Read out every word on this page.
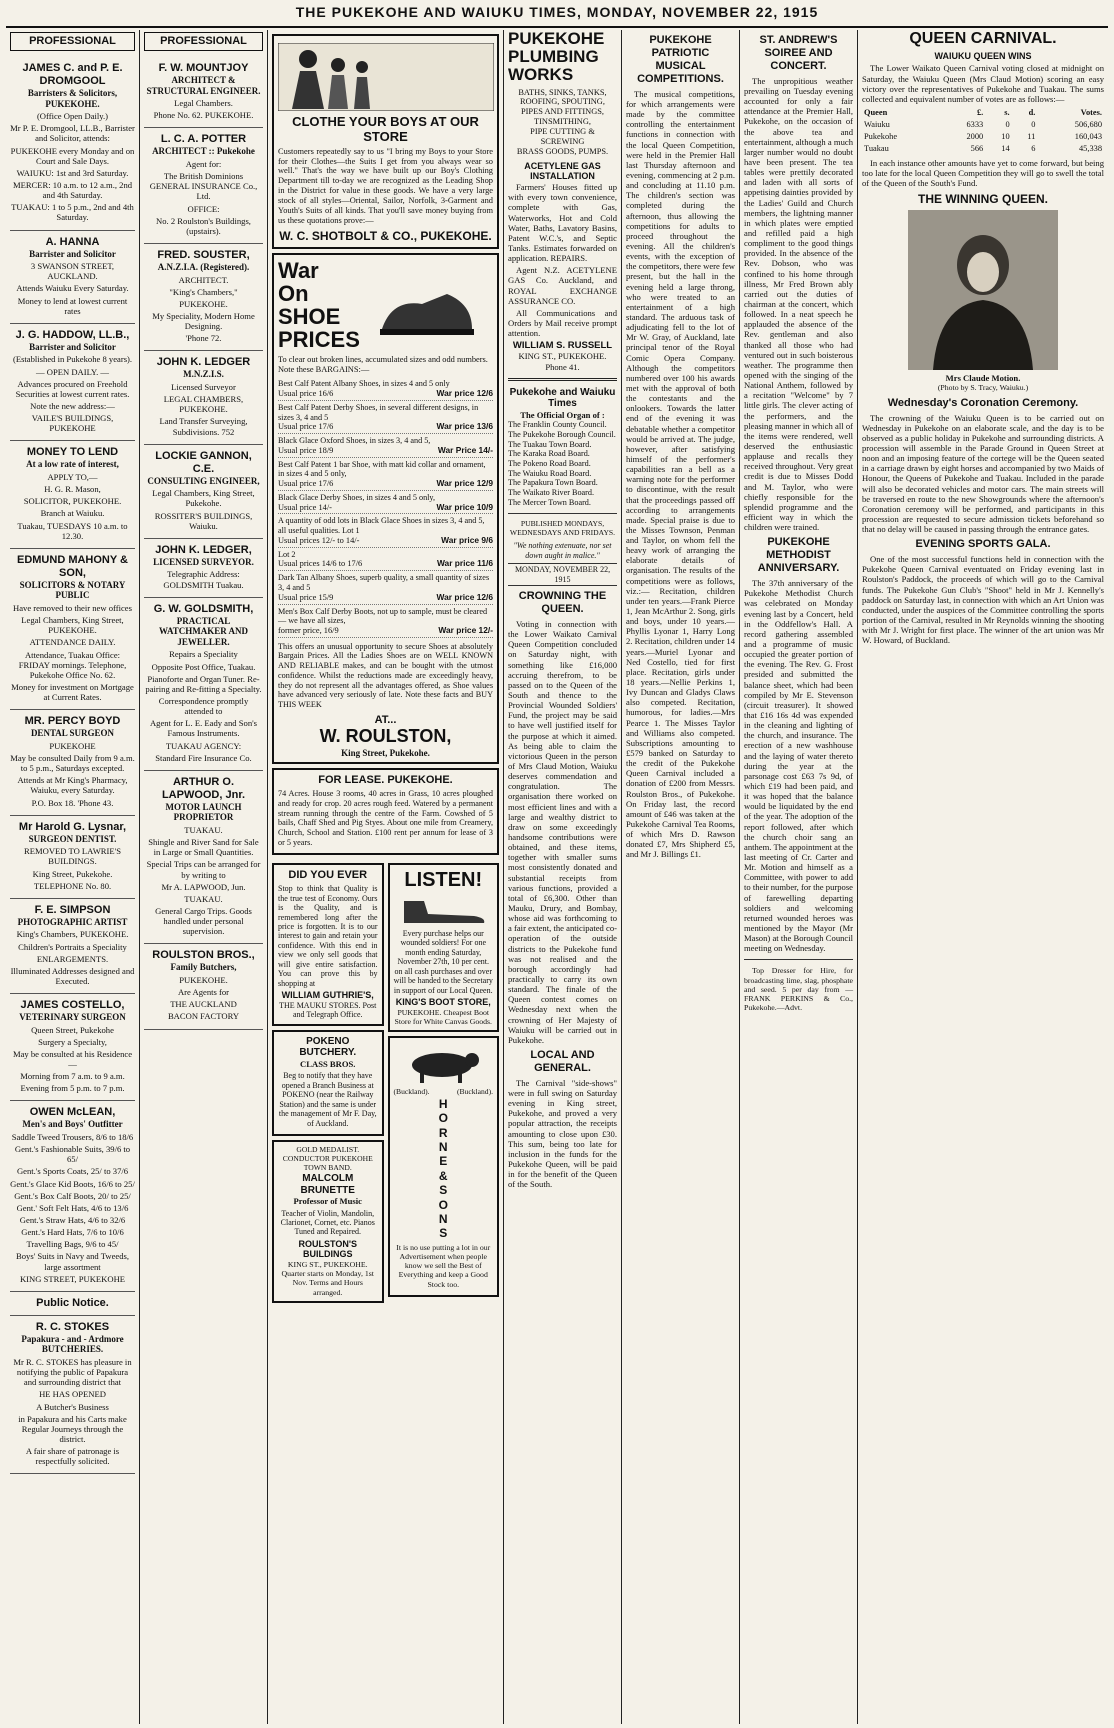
THE PUKEKOHE AND WAIUKU TIMES, MONDAY, NOVEMBER 22, 1915
PROFESSIONAL
JAMES C. and P. E. DROMGOOL
Barristers & Solicitors, PUKEKOHE.

(Office Open Daily.)

Mr P. E. Dromgool, LL.B., Barrister and Solicitor, attends:

PUKEKOHE every Monday and on Court and Sale Days.

WAIUKU: 1st and 3rd Saturday.

MERCER: 10 a.m. to 12 a.m., 2nd and 4th Saturday.

TUAKAU: 1 to 5 p.m., 2nd and 4th Saturday.

A. HANNA
Barrister and Solicitor

3 SWANSON STREET, AUCKLAND.

Attends Waiuku Every Saturday.

Money to lend at lowest current rates

J. G. HADDOW, LL.B.,
Barrister and Solicitor

(Established in Pukekohe 8 years).

— OPEN DAILY. —

Advances procured on Freehold Securities at lowest current rates.

Note the new address:—

VAILE'S BUILDINGS, PUKEKOHE

MONEY TO LEND
At a low rate of interest,

APPLY TO,—

H. G. R. Mason,

SOLICITOR, PUKEKOHE.

Branch at Waiuku.

Tuakau, TUESDAYS 10 a.m. to 12.30.

EDMUND MAHONY & SON,
SOLICITORS & NOTARY PUBLIC

Have removed to their new offices

Legal Chambers, King Street, PUKEKOHE.

ATTENDANCE DAILY.

Attendance, Tuakau Office: FRIDAY mornings. Telephone, Pukekohe Office No. 62.

Money for investment on Mortgage at Current Rates.

MR. PERCY BOYD
DENTAL SURGEON

PUKEKOHE

May be consulted Daily from 9 a.m. to 5 p.m., Saturdays excepted.

Attends at Mr King's Pharmacy, Waiuku, every Saturday.

P.O. Box 18. 'Phone 43.

Mr Harold G. Lysnar,
SURGEON DENTIST.

REMOVED TO LAWRIE'S BUILDINGS.

King Street, Pukekohe.

TELEPHONE No. 80.

F. E. SIMPSON
PHOTOGRAPHIC ARTIST

King's Chambers, PUKEKOHE.

Children's Portraits a Speciality

ENLARGEMENTS.

Illuminated Addresses designed and Executed.

JAMES COSTELLO,
VETERINARY SURGEON

Queen Street, Pukekohe

Surgery a Specialty,

May be consulted at his Residence—

Morning from 7 a.m. to 9 a.m.

Evening from 5 p.m. to 7 p.m.

OWEN McLEAN,
Men's and Boys' Outfitter

Saddle Tweed Trousers, 8/6 to 18/6

Gent.'s Fashionable Suits, 39/6 to 65/

Gent.'s Sports Coats, 25/ to 37/6

Gent.'s Glace Kid Boots, 16/6 to 25/

Gent.'s Box Calf Boots, 20/ to 25/

Gent.' Soft Felt Hats, 4/6 to 13/6

Gent.'s Straw Hats, 4/6 to 32/6

Gent.'s Hard Hats, 7/6 to 10/6

Travelling Bags, 9/6 to 45/

Boys' Suits in Navy and Tweeds, large assortment

KING STREET, PUKEKOHE

Public Notice.
R. C. STOKES
Papakura - and - Ardmore BUTCHERIES.

Mr R. C. STOKES has pleasure in notifying the public of Papakura and surrounding district that

HE HAS OPENED

A Butcher's Business

in Papakura and his Carts make Regular Journeys through the district.

A fair share of patronage is respectfully solicited.

PROFESSIONAL
F. W. MOUNTJOY
ARCHITECT & STRUCTURAL ENGINEER.

Legal Chambers.

Phone No. 62. PUKEKOHE.

L. C. A. POTTER
ARCHITECT :: Pukekohe

Agent for:

The British Dominions GENERAL INSURANCE Co., Ltd.

OFFICE:

No. 2 Roulston's Buildings, (upstairs).

FRED. SOUSTER,
A.N.Z.I.A. (Registered).

ARCHITECT.

"King's Chambers,"

PUKEKOHE.

My Speciality, Modern Home Designing.

'Phone 72.

JOHN K. LEDGER
M.N.Z.I.S.

Licensed Surveyor

LEGAL CHAMBERS, PUKEKOHE.

Land Transfer Surveying, Subdivisions. 752

LOCKIE GANNON, C.E.
CONSULTING ENGINEER,

Legal Chambers, King Street, Pukekohe.

ROSSITER'S BUILDINGS, Waiuku.

JOHN K. LEDGER,
LICENSED SURVEYOR.

Telegraphic Address: GOLDSMITH Tuakau.

G. W. GOLDSMITH,
PRACTICAL WATCHMAKER AND JEWELLER.

Repairs a Speciality

Opposite Post Office, Tuakau.

Pianoforte and Organ Tuner. Re-pairing and Re-fitting a Specialty.

Correspondence promptly attended to

Agent for L. E. Eady and Son's Famous Instruments.

TUAKAU AGENCY:

Standard Fire Insurance Co.

ARTHUR O. LAPWOOD, Jnr.
MOTOR LAUNCH PROPRIETOR

TUAKAU.

Shingle and River Sand for Sale in Large or Small Quantities.

Special Trips can be arranged for by writing to

Mr A. LAPWOOD, Jun.

TUAKAU.

General Cargo Trips. Goods handled under personal supervision.

ROULSTON BROS.,
Family Butchers,

PUKEKOHE.

Are Agents for

THE AUCKLAND

BACON FACTORY

CLOTHE YOUR BOYS AT OUR STORE

Customers repeatedly say to us "I bring my Boys to your Store for their Clothes—the Suits I get from you always wear so well." That's the way we have built up our Boy's Clothing Department till to-day we are recognized as the Leading Shop in the District for value in these goods. We have a very large stock of all styles—Oriental, Sailor, Norfolk, 3-Garment and Youth's Suits of all kinds. That you'll save money buying from us these quotations prove:—

W. C. SHOTBOLT & CO., PUKEKOHE.
War
On
SHOE
PRICES

To clear out broken lines, accumulated sizes and odd numbers. Note these BARGAINS:—

Best Calf Patent Albany Shoes, in sizes 4 and 5 only
Usual price 16/6	War price 12/6
Best Calf Patent Derby Shoes, in several different designs, in sizes 3, 4 and 5
Usual price 17/6	War price 13/6
Black Glace Oxford Shoes, in sizes 3, 4 and 5,
Usual price 18/9	War Price 14/-
Best Calf Patent 1 bar Shoe, with matt kid collar and ornament, in sizes 4 and 5 only,
Usual price 17/6	War price 12/9
Black Glace Derby Shoes, in sizes 4 and 5 only,
Usual price 14/-	War price 10/9
A quantity of odd lots in Black Glace Shoes in sizes 3, 4 and 5, all useful qualities. Lot 1
Usual prices 12/- to 14/-	War price 9/6
Lot 2
Usual prices 14/6 to 17/6	War price 11/6
Dark Tan Albany Shoes, superb quality, a small quantity of sizes 3, 4 and 5
Usual price 15/9	War price 12/6
Men's Box Calf Derby Boots, not up to sample, must be cleared — we have all sizes,
former price, 16/9	War price 12/-

This offers an unusual opportunity to secure Shoes at absolutely Bargain Prices. All the Ladies Shoes are on WELL KNOWN AND RELIABLE makes, and can be bought with the utmost confidence. Whilst the reductions made are exceedingly heavy, they do not represent all the advantages offered, as Shoe values have advanced very seriously of late. Note these facts and BUY THIS WEEK

AT...
W. ROULSTON,
King Street, Pukekohe.
FOR LEASE. PUKEKOHE.

74 Acres. House 3 rooms, 40 acres in Grass, 10 acres ploughed and ready for crop. 20 acres rough feed. Watered by a permanent stream running through the centre of the Farm. Cowshed of 5 bails, Chaff Shed and Pig Styes. About one mile from Creamery, Church, School and Station. £100 rent per annum for lease of 3 or 5 years.

DID YOU EVER

Stop to think that Quality is the true test of Economy. Ours is the Quality, and is remembered long after the price is forgotten. It is to our interest to gain and retain your confidence. With this end in view we only sell goods that will give entire satisfaction. You can prove this by shopping at

WILLIAM GUTHRIE'S,
THE MAUKU STORES. Post and Telegraph Office.
POKENO BUTCHERY.
CLASS BROS.

Beg to notify that they have opened a Branch Business at POKENO (near the Railway Station) and the same is under the management of Mr F. Day, of Auckland.

GOLD MEDALIST. CONDUCTOR PUKEKOHE TOWN BAND.
MALCOLM BRUNETTE
Professor of Music

Teacher of Violin, Mandolin, Clarionet, Cornet, etc. Pianos Tuned and Repaired.

ROULSTON'S BUILDINGS
KING ST., PUKEKOHE. Quarter starts on Monday, 1st Nov. Terms and Hours arranged.
LISTEN!

Every purchase helps our wounded soldiers! For one month ending Saturday, November 27th, 10 per cent. on all cash purchases and over will be handed to the Secretary in support of our Local Queen.

KING'S BOOT STORE,
PUKEKOHE. Cheapest Boot Store for White Canvas Goods.
(Buckland).	(Buckland).
H
O
R
N
E
&
S
O
N
S

It is no use putting a lot in our Advertisement when people know we sell the Best of Everything and keep a Good Stock too.

PUKEKOHE PLUMBING WORKS
BATHS, SINKS, TANKS,
ROOFING, SPOUTING,
PIPES AND FITTINGS,
TINSMITHING,
PIPE CUTTING & SCREWING
BRASS GOODS, PUMPS.
ACETYLENE GAS INSTALLATION

Farmers' Houses fitted up with every town convenience, complete with Gas, Waterworks, Hot and Cold Water, Baths, Lavatory Basins, Patent W.C.'s, and Septic Tanks. Estimates forwarded on application. REPAIRS.

Agent N.Z. ACETYLENE GAS Co. Auckland, and ROYAL EXCHANGE ASSURANCE CO.

All Communications and Orders by Mail receive prompt attention.

WILLIAM S. RUSSELL
KING ST., PUKEKOHE. Phone 41.
Pukekohe and Waiuku Times
The Official Organ of :
The Franklin County Council.
The Pukekohe Borough Council.
The Tuakau Town Board.
The Karaka Road Board.
The Pokeno Road Board.
The Waiuku Road Board.
The Papakura Town Board.
The Waikato River Board.
The Mercer Town Board.
PUBLISHED MONDAYS, WEDNESDAYS AND FRIDAYS.
"We nothing extenuate, nor set down aught in malice."
MONDAY, NOVEMBER 22, 1915
CROWNING THE QUEEN.

Voting in connection with the Lower Waikato Carnival Queen Competition concluded on Saturday night, with something like £16,000 accruing therefrom, to be passed on to the Queen of the South and thence to the Provincial Wounded Soldiers' Fund, the project may be said to have well justified itself for the purpose at which it aimed. As being able to claim the victorious Queen in the person of Mrs Claud Motion, Waiuku deserves commendation and congratulation. The organisation there worked on most efficient lines and with a large and wealthy district to draw on some exceedingly handsome contributions were obtained, and these items, together with smaller sums most consistently donated and substantial receipts from various functions, provided a total of £6,300. Other than Mauku, Drury, and Bombay, whose aid was forthcoming to a fair extent, the anticipated co-operation of the outside districts to the Pukekohe fund was not realised and the borough accordingly had practically to carry its own standard. The finale of the Queen contest comes on Wednesday next when the crowning of Her Majesty of Waiuku will be carried out in Pukekohe.

LOCAL AND GENERAL.

The Carnival "side-shows" were in full swing on Saturday evening in King street, Pukekohe, and proved a very popular attraction, the receipts amounting to close upon £30. This sum, being too late for inclusion in the funds for the Pukekohe Queen, will be paid in for the benefit of the Queen of the South.

PUKEKOHE PATRIOTIC MUSICAL COMPETITIONS.

The musical competitions, for which arrangements were made by the committee controlling the entertainment functions in connection with the local Queen Competition, were held in the Premier Hall last Thursday afternoon and evening, commencing at 2 p.m. and concluding at 11.10 p.m. The children's section was completed during the afternoon, thus allowing the competitions for adults to proceed throughout the evening. All the children's events, with the exception of the competitors, there were few present, but the hall in the evening held a large throng, who were treated to an entertainment of a high standard. The arduous task of adjudicating fell to the lot of Mr W. Gray, of Auckland, late principal tenor of the Royal Comic Opera Company. Although the competitors numbered over 100 his awards met with the approval of both the contestants and the onlookers. Towards the latter end of the evening it was debatable whether a competitor would be arrived at. The judge, however, after satisfying himself of the performer's capabilities ran a bell as a warning note for the performer to discontinue, with the result that the proceedings passed off according to arrangements made. Special praise is due to the Misses Townson, Penman and Taylor, on whom fell the heavy work of arranging the elaborate details of organisation. The results of the competitions were as follows, viz.:— Recitation, children under ten years.—Frank Pierce 1, Jean McArthur 2. Song, girls and boys, under 10 years.—Phyllis Lyonar 1, Harry Long 2. Recitation, children under 14 years.—Muriel Lyonar and Ned Costello, tied for first place. Recitation, girls under 18 years.—Nellie Perkins 1, Ivy Duncan and Gladys Claws also competed. Recitation, humorous, for ladies.—Mrs Pearce 1. The Misses Taylor and Williams also competed. Subscriptions amounting to £579 banked on Saturday to the credit of the Pukekohe Queen Carnival included a donation of £200 from Messrs. Roulston Bros., of Pukekohe. On Friday last, the record amount of £46 was taken at the Pukekohe Carnival Tea Rooms, of which Mrs D. Rawson donated £7, Mrs Shipherd £5, and Mr J. Billings £1.

ST. ANDREW'S SOIREE AND CONCERT.

The unpropitious weather prevailing on Tuesday evening accounted for only a fair attendance at the Premier Hall, Pukekohe, on the occasion of the above tea and entertainment, although a much larger number would no doubt have been present. The tea tables were prettily decorated and laden with all sorts of appetising dainties provided by the Ladies' Guild and Church members, the lightning manner in which plates were emptied and refilled paid a high compliment to the good things provided. In the absence of the Rev. Dobson, who was confined to his home through illness, Mr Fred Brown ably carried out the duties of chairman at the concert, which followed. In a neat speech he applauded the absence of the Rev. gentleman and also thanked all those who had ventured out in such boisterous weather. The programme then opened with the singing of the National Anthem, followed by a recitation "Welcome" by 7 little girls. The clever acting of the performers, and the pleasing manner in which all of the items were rendered, well deserved the enthusiastic applause and recalls they received throughout. Very great credit is due to Misses Dodd and M. Taylor, who were chiefly responsible for the splendid programme and the efficient way in which the children were trained.

PUKEKOHE METHODIST ANNIVERSARY.

The 37th anniversary of the Pukekohe Methodist Church was celebrated on Monday evening last by a Concert, held in the Oddfellow's Hall. A record gathering assembled and a programme of music occupied the greater portion of the evening. The Rev. G. Frost presided and submitted the balance sheet, which had been compiled by Mr E. Stevenson (circuit treasurer). It showed that £16 16s 4d was expended in the cleaning and lighting of the church, and insurance. The erection of a new washhouse and the laying of water thereto during the year at the parsonage cost £63 7s 9d, of which £19 had been paid, and it was hoped that the balance would be liquidated by the end of the year. The adoption of the report followed, after which the church choir sang an anthem. The appointment at the last meeting of Cr. Carter and Mr. Motion and himself as a Committee, with power to add to their number, for the purpose of farewelling departing soldiers and welcoming returned wounded heroes was mentioned by the Mayor (Mr Mason) at the Borough Council meeting on Wednesday.

Top Dresser for Hire, for broadcasting lime, slag, phosphate and seed. 5 per day from — FRANK PERKINS & Co., Pukekohe.—Advt.

QUEEN CARNIVAL.
WAIUKU QUEEN WINS

The Lower Waikato Queen Carnival voting closed at midnight on Saturday, the Waiuku Queen (Mrs Claud Motion) scoring an easy victory over the representatives of Pukekohe and Tuakau. The sums collected and equivalent number of votes are as follows:—

Queen	£.	s.	d.	Votes.
Waiuku	6333	0	0	506,680
Pukekohe	2000	10	11	160,043
Tuakau	566	14	6	45,338

In each instance other amounts have yet to come forward, but being too late for the local Queen Competition they will go to swell the total of the Queen of the South's Fund.

THE WINNING QUEEN.
Mrs Claude Motion.
(Photo by S. Tracy, Waiuku.)
Wednesday's Coronation Ceremony.

The crowning of the Waiuku Queen is to be carried out on Wednesday in Pukekohe on an elaborate scale, and the day is to be observed as a public holiday in Pukekohe and surrounding districts. A procession will assemble in the Parade Ground in Queen Street at noon and an imposing feature of the cortege will be the Queen seated in a carriage drawn by eight horses and accompanied by two Maids of Honour, the Queens of Pukekohe and Tuakau. Included in the parade will also be decorated vehicles and motor cars. The main streets will be traversed en route to the new Showgrounds where the afternoon's Coronation ceremony will be performed, and participants in this procession are requested to secure admission tickets beforehand so that no delay will be caused in passing through the entrance gates.

EVENING SPORTS GALA.

One of the most successful functions held in connection with the Pukekohe Queen Carnival eventuated on Friday evening last in Roulston's Paddock, the proceeds of which will go to the Carnival funds. The Pukekohe Gun Club's "Shoot" held in Mr J. Kennelly's paddock on Saturday last, in connection with which an Art Union was conducted, under the auspices of the Committee controlling the sports portion of the Carnival, resulted in Mr Reynolds winning the shooting with Mr J. Wright for first place. The winner of the art union was Mr W. Howard, of Buckland.
